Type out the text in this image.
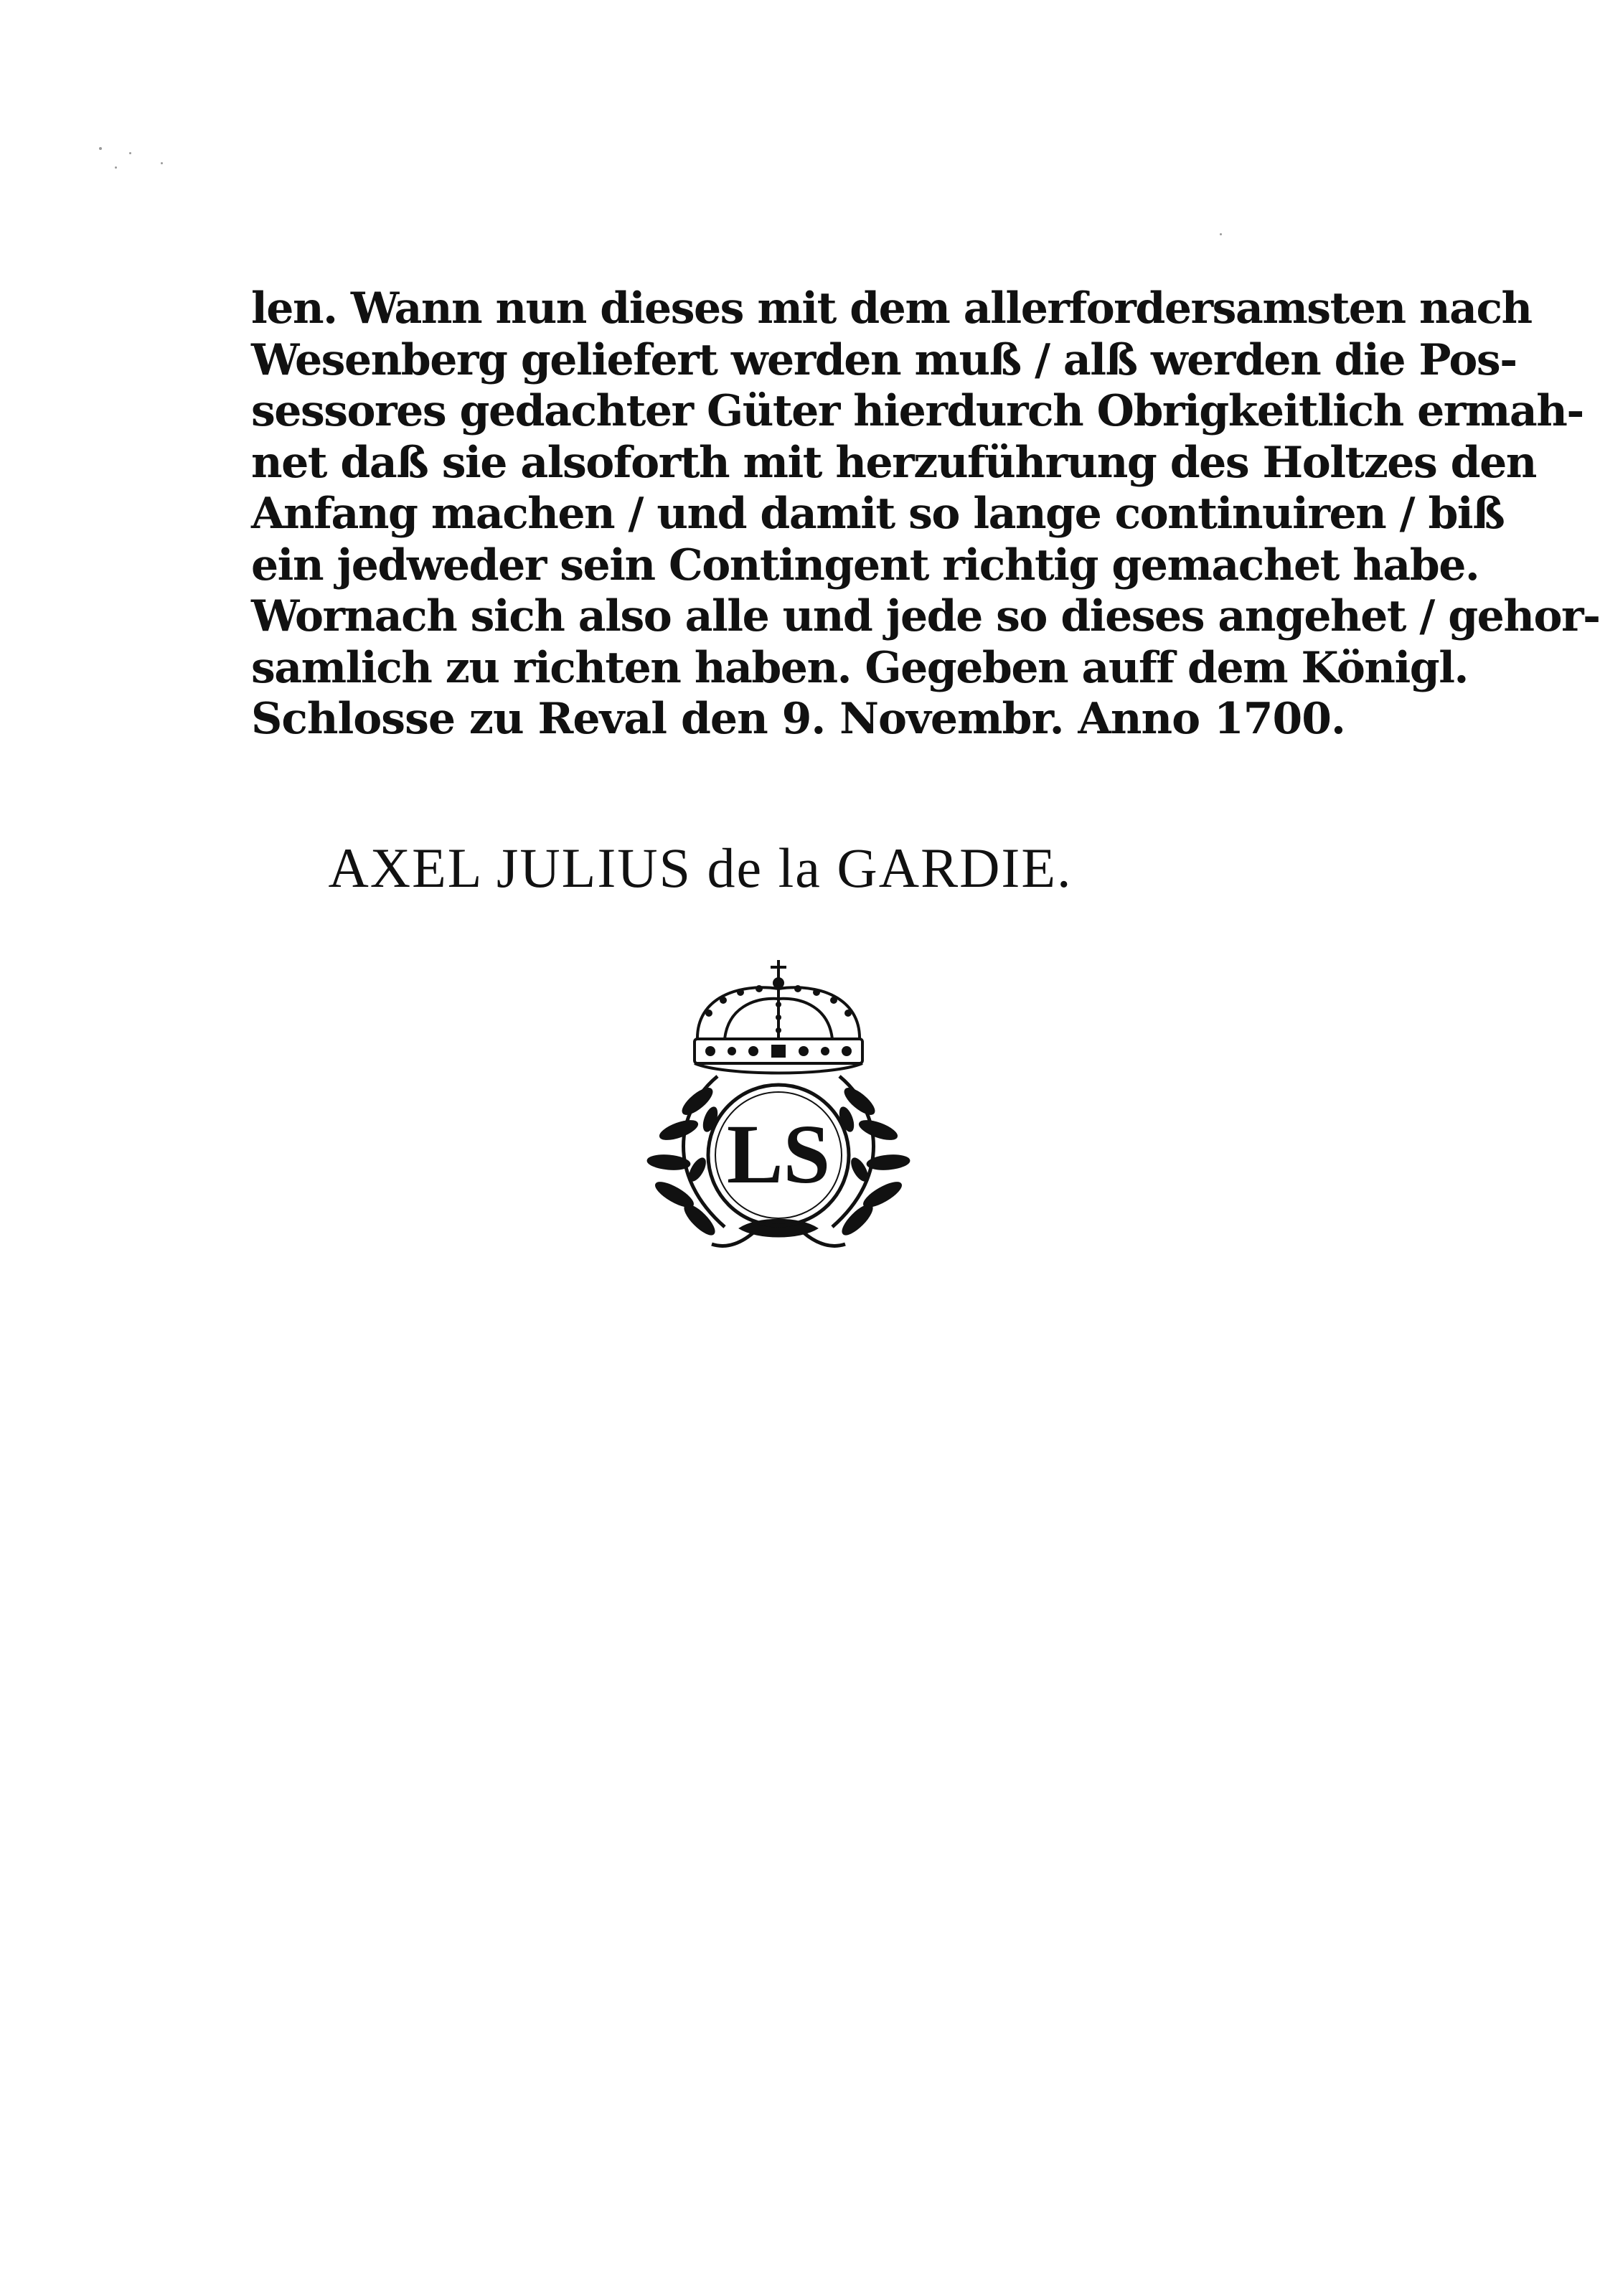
len. Wann nun dieses mit dem allerfordersamsten nach
Wesenberg geliefert werden muß / alß werden die Pos-
sessores gedachter Güter hierdurch Obrigkeitlich ermah-
net daß sie alsoforth mit herzuführung des Holtzes den
Anfang machen / und damit so lange continuiren / biß
ein jedweder sein Contingent richtig gemachet habe.
Wornach sich also alle und jede so dieses angehet / gehor-
samlich zu richten haben. Gegeben auff dem Königl.
Schlosse zu Reval den 9. Novembr. Anno 1700.
AXEL JULIUS de la GARDIE.
LS
